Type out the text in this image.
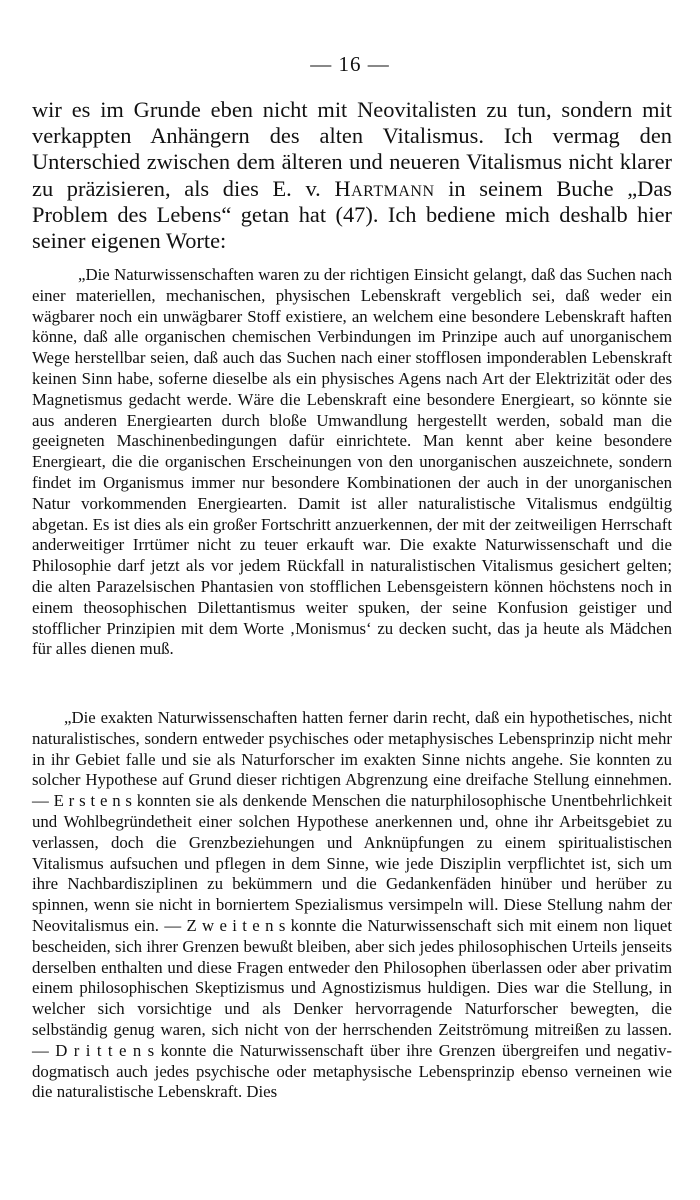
— 16 —

wir es im Grunde eben nicht mit Neovitalisten zu tun, sondern mit verkappten Anhängern des alten Vitalismus. Ich vermag den Unterschied zwischen dem älteren und neueren Vitalismus nicht klarer zu präzisieren, als dies E. v. Hartmann in seinem Buche „Das Problem des Lebens“ getan hat (47). Ich bediene mich deshalb hier seiner eigenen Worte:

„Die Naturwissenschaften waren zu der richtigen Einsicht gelangt, daß das Suchen nach einer materiellen, mechanischen, physischen Lebenskraft vergeblich sei, daß weder ein wägbarer noch ein unwägbarer Stoff existiere, an welchem eine besondere Lebenskraft haften könne, daß alle organischen chemischen Verbindungen im Prinzipe auch auf unorganischem Wege herstellbar seien, daß auch das Suchen nach einer stofflosen imponderablen Lebenskraft keinen Sinn habe, soferne dieselbe als ein physisches Agens nach Art der Elektrizität oder des Magnetismus gedacht werde. Wäre die Lebenskraft eine besondere Energieart, so könnte sie aus anderen Energiearten durch bloße Umwandlung hergestellt werden, sobald man die geeigneten Maschinenbedingungen dafür einrichtete. Man kennt aber keine besondere Energieart, die die organischen Erscheinungen von den unorganischen auszeichnete, sondern findet im Organismus immer nur besondere Kombinationen der auch in der unorganischen Natur vorkommenden Energiearten. Damit ist aller naturalistische Vitalismus endgültig abgetan. Es ist dies als ein großer Fortschritt anzuerkennen, der mit der zeitweiligen Herrschaft anderweitiger Irrtümer nicht zu teuer erkauft war. Die exakte Naturwissenschaft und die Philosophie darf jetzt als vor jedem Rückfall in naturalistischen Vitalismus gesichert gelten; die alten Parazelsischen Phantasien von stofflichen Lebensgeistern können höchstens noch in einem theosophischen Dilettantismus weiter spuken, der seine Konfusion geistiger und stofflicher Prinzipien mit dem Worte ‚Monismus‘ zu decken sucht, das ja heute als Mädchen für alles dienen muß.

„Die exakten Naturwissenschaften hatten ferner darin recht, daß ein hypothetisches, nicht naturalistisches, sondern entweder psychisches oder metaphysisches Lebensprinzip nicht mehr in ihr Gebiet falle und sie als Naturforscher im exakten Sinne nichts angehe. Sie konnten zu solcher Hypothese auf Grund dieser richtigen Abgrenzung eine dreifache Stellung einnehmen. — E r s t e n s konnten sie als denkende Menschen die naturphilosophische Unentbehrlichkeit und Wohlbegründetheit einer solchen Hypothese anerkennen und, ohne ihr Arbeitsgebiet zu verlassen, doch die Grenzbeziehungen und Anknüpfungen zu einem spiritualistischen Vitalismus aufsuchen und pflegen in dem Sinne, wie jede Disziplin verpflichtet ist, sich um ihre Nachbardisziplinen zu bekümmern und die Gedankenfäden hinüber und herüber zu spinnen, wenn sie nicht in borniertem Spezialismus versimpeln will. Diese Stellung nahm der Neovitalismus ein. — Z w e i t e n s konnte die Naturwissenschaft sich mit einem non liquet bescheiden, sich ihrer Grenzen bewußt bleiben, aber sich jedes philosophischen Urteils jenseits derselben enthalten und diese Fragen entweder den Philosophen überlassen oder aber privatim einem philosophischen Skeptizismus und Agnostizismus huldigen. Dies war die Stellung, in welcher sich vorsichtige und als Denker hervorragende Naturforscher bewegten, die selbständig genug waren, sich nicht von der herrschenden Zeitströmung mitreißen zu lassen. — D r i t t e n s konnte die Naturwissenschaft über ihre Grenzen übergreifen und negativ-dogmatisch auch jedes psychische oder metaphysische Lebensprinzip ebenso verneinen wie die naturalistische Lebenskraft. Dies
